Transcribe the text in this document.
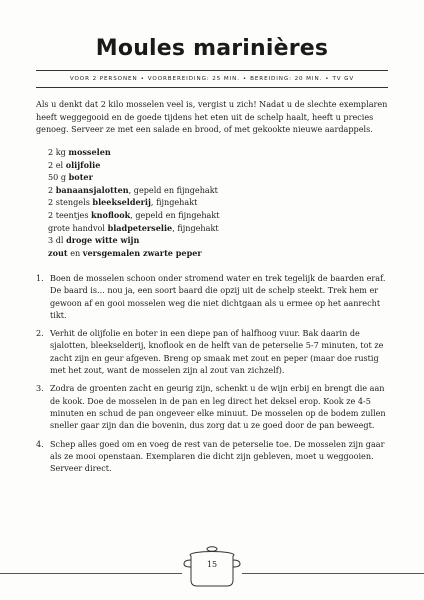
Moules marinières
VOOR 2 PERSONEN • VOORBEREIDING: 25 MIN. • BEREIDING: 20 MIN. • TV GV

Als u denkt dat 2 kilo mosselen veel is, vergist u zich! Nadat u de slechte exemplaren heeft weggegooid en de goede tijdens het eten uit de schelp haalt, heeft u precies genoeg. Serveer ze met een salade en brood, of met gekookte nieuwe aardappels.

2 kg mosselen
2 el olijfolie
50 g boter
2 banaansjalotten, gepeld en fijngehakt
2 stengels bleekselderij, fijngehakt
2 teentjes knoflook, gepeld en fijngehakt
grote handvol bladpeterselie, fijngehakt
3 dl droge witte wijn
zout en versgemalen zwarte peper
1. Boen de mosselen schoon onder stromend water en trek tegelijk de baarden eraf. De baard is... nou ja, een soort baard die opzij uit de schelp steekt. Trek hem er gewoon af en gooi mosselen weg die niet dichtgaan als u ermee op het aanrecht tikt.
2. Verhit de olijfolie en boter in een diepe pan of halfhoog vuur. Bak daarin de sjalotten, bleekselderij, knoflook en de helft van de peterselie 5-7 minuten, tot ze zacht zijn en geur afgeven. Breng op smaak met zout en peper (maar doe rustig met het zout, want de mosselen zijn al zout van zichzelf).
3. Zodra de groenten zacht en geurig zijn, schenkt u de wijn erbij en brengt die aan de kook. Doe de mosselen in de pan en leg direct het deksel erop. Kook ze 4-5 minuten en schud de pan ongeveer elke minuut. De mosselen op de bodem zullen sneller gaar zijn dan die bovenin, dus zorg dat u ze goed door de pan beweegt.
4. Schep alles goed om en voeg de rest van de peterselie toe. De mosselen zijn gaar als ze mooi openstaan. Exemplaren die dicht zijn gebleven, moet u weggooien. Serveer direct.
15
